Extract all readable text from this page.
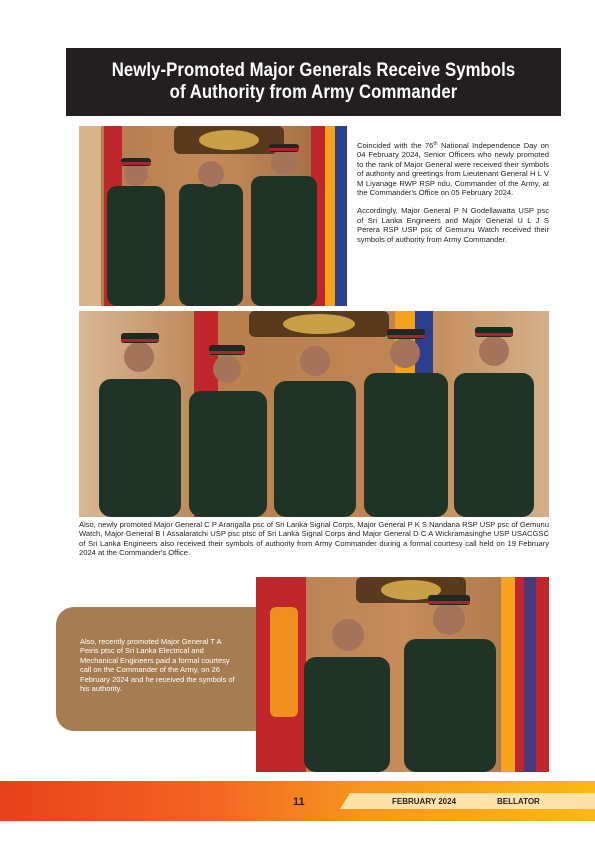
Newly-Promoted Major Generals Receive Symbols of Authority from Army Commander

Coincided with the 76th National Independence Day on 04 February 2024, Senior Officers who newly promoted to the rank of Major General were received their symbols of authority and greetings from Lieutenant General H L V M Liyanage RWP RSP ndu, Commander of the Army, at the Commander's Office on 05 February 2024.

Accordingly, Major General P N Godellawatta USP psc of Sri Lanka Engineers and Major General U L J S Perera RSP USP psc of Gemunu Watch received their symbols of authority from Army Commander.

Also, newly promoted Major General C P Arangalla psc of Sri Lanka Signal Corps, Major General P K S Nandana RSP USP psc of Gemunu Watch, Major General B I Assalaratchi USP psc ptsc of Sri Lanka Signal Corps and Major General D C A Wickramasinghe USP USACGSC of Sri Lanka Engineers also received their symbols of authority from Army Commander during a formal courtesy call held on 19 February 2024 at the Commander's Office.

Also, recently promoted Major General T A Peiris ptsc of Sri Lanka Electrical and Mechanical Engineers paid a formal courtesy call on the Commander of the Army, on 26 February 2024 and he received the symbols of his authority.

11	FEBRUARY 2024	BELLATOR
